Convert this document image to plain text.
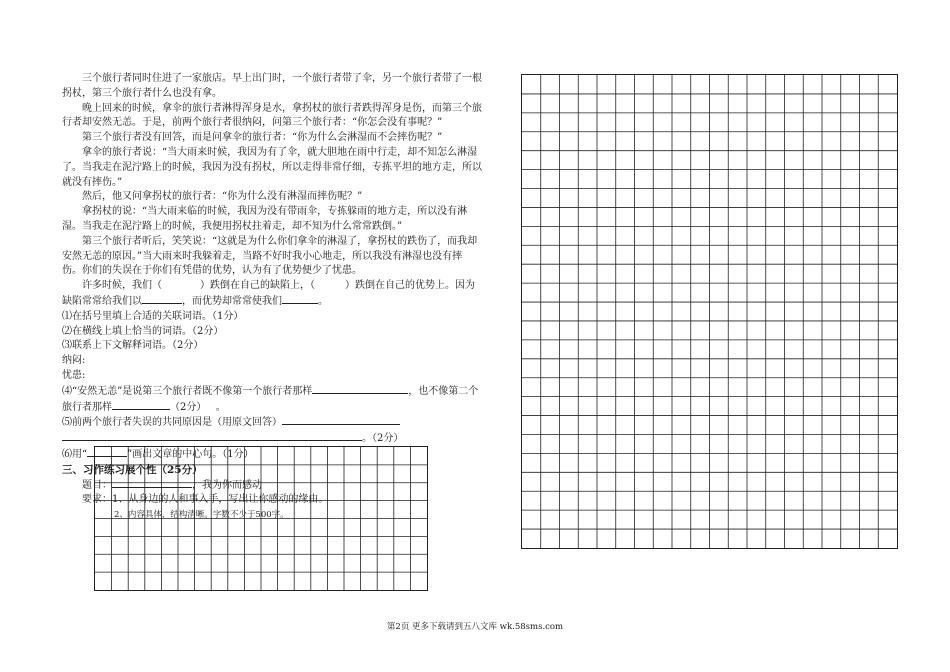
三个旅行者同时住进了一家旅店。早上出门时，一个旅行者带了伞，另一个旅行者带了一根拐杖，第三个旅行者什么也没有拿。

晚上回来的时候，拿伞的旅行者淋得浑身是水，拿拐杖的旅行者跌得浑身是伤，而第三个旅行者却安然无恙。于是，前两个旅行者很纳闷，问第三个旅行者：“你怎会没有事呢？”

第三个旅行者没有回答，而是问拿伞的旅行者：“你为什么会淋湿而不会摔伤呢？”

拿伞的旅行者说：“当大雨来时候，我因为有了伞，就大胆地在雨中行走，却不知怎么淋湿了。当我走在泥泞路上的时候，我因为没有拐杖，所以走得非常仔细，专拣平坦的地方走，所以就没有摔伤。”

然后，他又问拿拐杖的旅行者：“你为什么没有淋湿而摔伤呢？”

拿拐杖的说：“当大雨来临的时候，我因为没有带雨伞，专拣躲雨的地方走，所以没有淋湿。当我走在泥泞路上的时候，我便用拐杖拄着走，却不知为什么常常跌倒。”

第三个旅行者听后，笑笑说：“这就是为什么你们拿伞的淋湿了，拿拐杖的跌伤了，而我却安然无恙的原因。”当大雨来时我躲着走，当路不好时我小心地走，所以我没有淋湿也没有摔伤。你们的失误在于你们有凭借的优势，认为有了优势便少了忧患。

许多时候，我们（	）跌倒在自己的缺陷上，（	）跌倒在自己的优势上。因为缺陷常常给我们以	，而优势却常常使我们	。

⑴在括号里填上合适的关联词语。（1分）

⑵在横线上填上恰当的词语。（2分）

⑶联系上下文解释词语。（2分）

纳闷:

忧患:

⑷“安然无恙”是说第三个旅行者既不像第一个旅行者那样	，也不像第二个旅行者那样	（2分） 。

⑸前两个旅行者失误的共同原因是（用原文回答）

。（2分）

⑹用“	”画出文章的中心句。（1分）

三、习作练习展个性（25分）

题目：	，我为你而感动

要求：1、从身边的人和事入手，写出让你感动的缘由。

2、内容具体，结构清晰。字数不少于500字。

第2页 更多下载请到五八文库 wk.58sms.com
